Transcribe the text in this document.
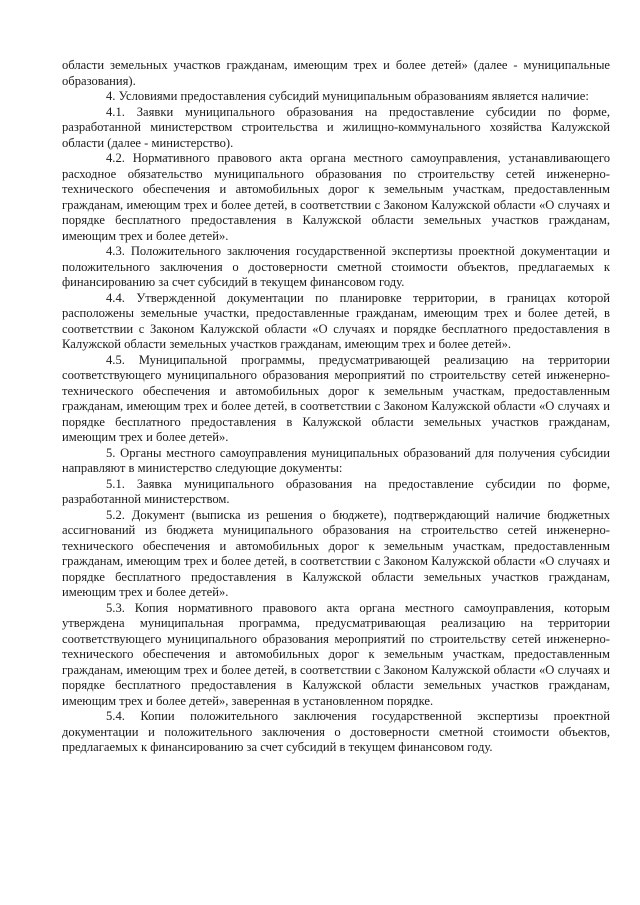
области земельных участков гражданам, имеющим трех и более детей» (далее - муниципальные образования).

4. Условиями предоставления субсидий муниципальным образованиям является наличие:

4.1. Заявки муниципального образования на предоставление субсидии по форме, разработанной министерством строительства и жилищно-коммунального хозяйства Калужской области (далее - министерство).

4.2. Нормативного правового акта органа местного самоуправления, устанавливающего расходное обязательство муниципального образования по строительству сетей инженерно-технического обеспечения и автомобильных дорог к земельным участкам, предоставленным гражданам, имеющим трех и более детей, в соответствии с Законом Калужской области «О случаях и порядке бесплатного предоставления в Калужской области земельных участков гражданам, имеющим трех и более детей».

4.3. Положительного заключения государственной экспертизы проектной документации и положительного заключения о достоверности сметной стоимости объектов, предлагаемых к финансированию за счет субсидий в текущем финансовом году.

4.4. Утвержденной документации по планировке территории, в границах которой расположены земельные участки, предоставленные гражданам, имеющим трех и более детей, в соответствии с Законом Калужской области «О случаях и порядке бесплатного предоставления в Калужской области земельных участков гражданам, имеющим трех и более детей».

4.5. Муниципальной программы, предусматривающей реализацию на территории соответствующего муниципального образования мероприятий по строительству сетей инженерно-технического обеспечения и автомобильных дорог к земельным участкам, предоставленным гражданам, имеющим трех и более детей, в соответствии с Законом Калужской области «О случаях и порядке бесплатного предоставления в Калужской области земельных участков гражданам, имеющим трех и более детей».

5. Органы местного самоуправления муниципальных образований для получения субсидии направляют в министерство следующие документы:

5.1. Заявка муниципального образования на предоставление субсидии по форме, разработанной министерством.

5.2. Документ (выписка из решения о бюджете), подтверждающий наличие бюджетных ассигнований из бюджета муниципального образования на строительство сетей инженерно-технического обеспечения и автомобильных дорог к земельным участкам, предоставленным гражданам, имеющим трех и более детей, в соответствии с Законом Калужской области «О случаях и порядке бесплатного предоставления в Калужской области земельных участков гражданам, имеющим трех и более детей».

5.3. Копия нормативного правового акта органа местного самоуправления, которым утверждена муниципальная программа, предусматривающая реализацию на территории соответствующего муниципального образования мероприятий по строительству сетей инженерно-технического обеспечения и автомобильных дорог к земельным участкам, предоставленным гражданам, имеющим трех и более детей, в соответствии с Законом Калужской области «О случаях и порядке бесплатного предоставления в Калужской области земельных участков гражданам, имеющим трех и более детей», заверенная в установленном порядке.

5.4. Копии положительного заключения государственной экспертизы проектной документации и положительного заключения о достоверности сметной стоимости объектов, предлагаемых к финансированию за счет субсидий в текущем финансовом году.
